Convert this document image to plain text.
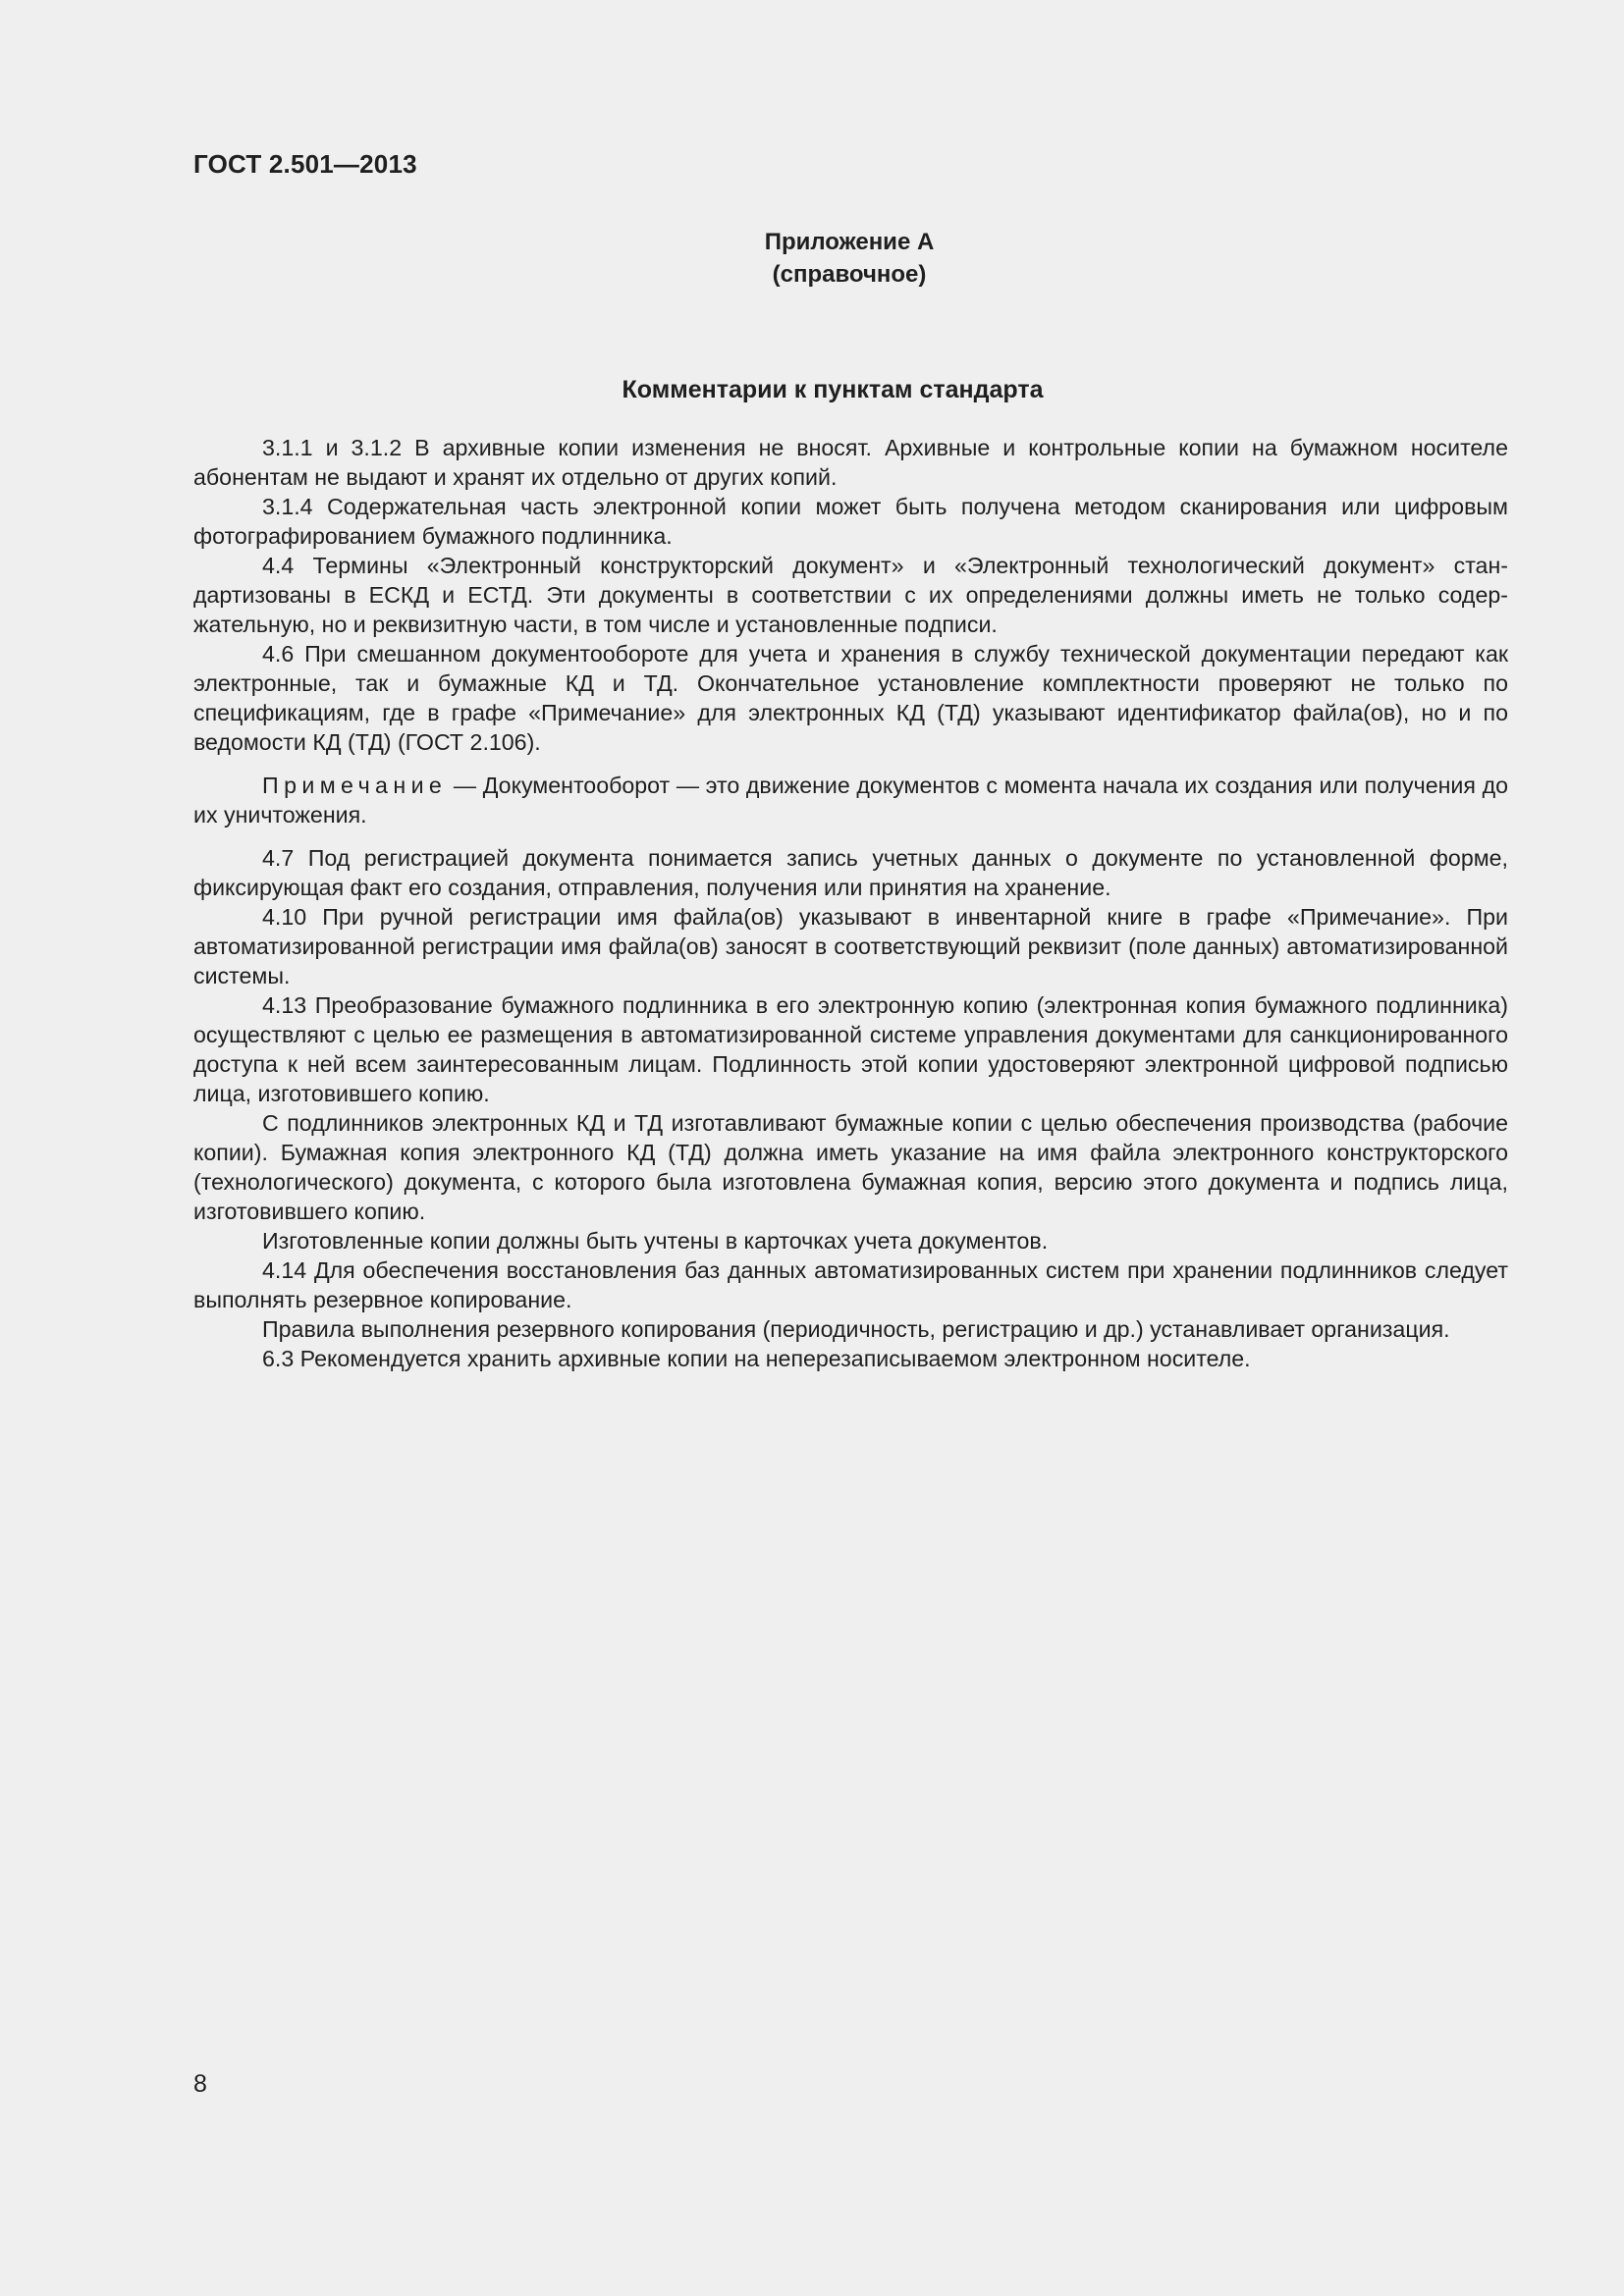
ГОСТ 2.501—2013
Приложение А
(справочное)
Комментарии к пунктам стандарта

3.1.1 и 3.1.2 В архивные копии изменения не вносят. Архивные и контрольные копии на бумажном носителе абонентам не выдают и хранят их отдельно от других копий.

3.1.4 Содержательная часть электронной копии может быть получена методом сканирования или цифровым фотографированием бумажного подлинника.

4.4 Термины «Электронный конструкторский документ» и «Электронный технологический документ» стандартизованы в ЕСКД и ЕСТД. Эти документы в соответствии с их определениями должны иметь не только содержательную, но и реквизитную части, в том числе и установленные подписи.

4.6 При смешанном документообороте для учета и хранения в службу технической документации передают как электронные, так и бумажные КД и ТД. Окончательное установление комплектности проверяют не только по спецификациям, где в графе «Примечание» для электронных КД (ТД) указывают идентификатор файла(ов), но и по ведомости КД (ТД) (ГОСТ 2.106).

Примечание — Документооборот — это движение документов с момента начала их создания или получения до их уничтожения.

4.7 Под регистрацией документа понимается запись учетных данных о документе по установленной форме, фиксирующая факт его создания, отправления, получения или принятия на хранение.

4.10 При ручной регистрации имя файла(ов) указывают в инвентарной книге в графе «Примечание». При автоматизированной регистрации имя файла(ов) заносят в соответствующий реквизит (поле данных) автоматизированной системы.

4.13 Преобразование бумажного подлинника в его электронную копию (электронная копия бумажного подлинника) осуществляют с целью ее размещения в автоматизированной системе управления документами для санкционированного доступа к ней всем заинтересованным лицам. Подлинность этой копии удостоверяют электронной цифровой подписью лица, изготовившего копию.

С подлинников электронных КД и ТД изготавливают бумажные копии с целью обеспечения производства (рабочие копии). Бумажная копия электронного КД (ТД) должна иметь указание на имя файла электронного конструкторского (технологического) документа, с которого была изготовлена бумажная копия, версию этого документа и подпись лица, изготовившего копию.

Изготовленные копии должны быть учтены в карточках учета документов.

4.14 Для обеспечения восстановления баз данных автоматизированных систем при хранении подлинников следует выполнять резервное копирование.

Правила выполнения резервного копирования (периодичность, регистрацию и др.) устанавливает организация.

6.3 Рекомендуется хранить архивные копии на неперезаписываемом электронном носителе.

8
